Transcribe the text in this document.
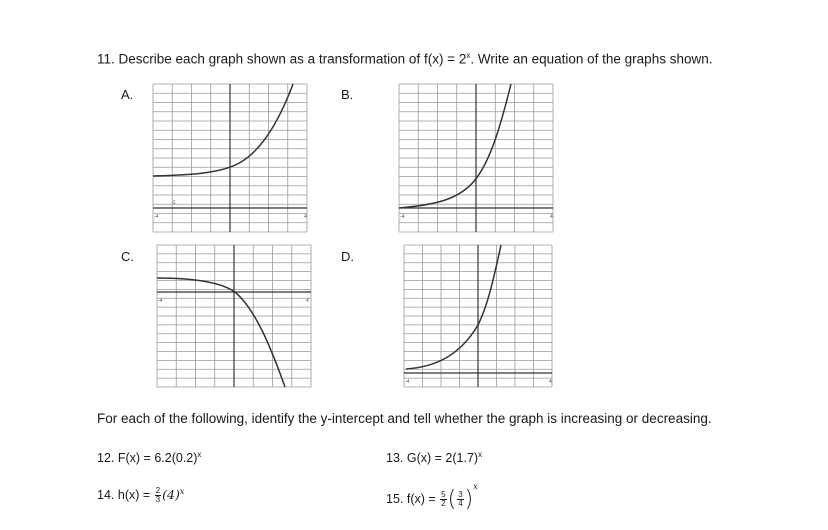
11. Describe each graph shown as a transformation of $f(x) = 2^x$. Write an equation of the graphs shown.
A.	B.
C.	D.
-4	4
-1
-4	4
-4	4
-4	4
For each of the following, identify the y-intercept and tell whether the graph is increasing or decreasing.
12. $F(x) = 6.2(0.2)^x$	13. $G(x) = 2(1.7)^x$
14. $h(x) = \frac{2}{3} (4)^x$
15. $f(x) = \frac{5}{2}$ ( $\frac{3}{4} )^x$
